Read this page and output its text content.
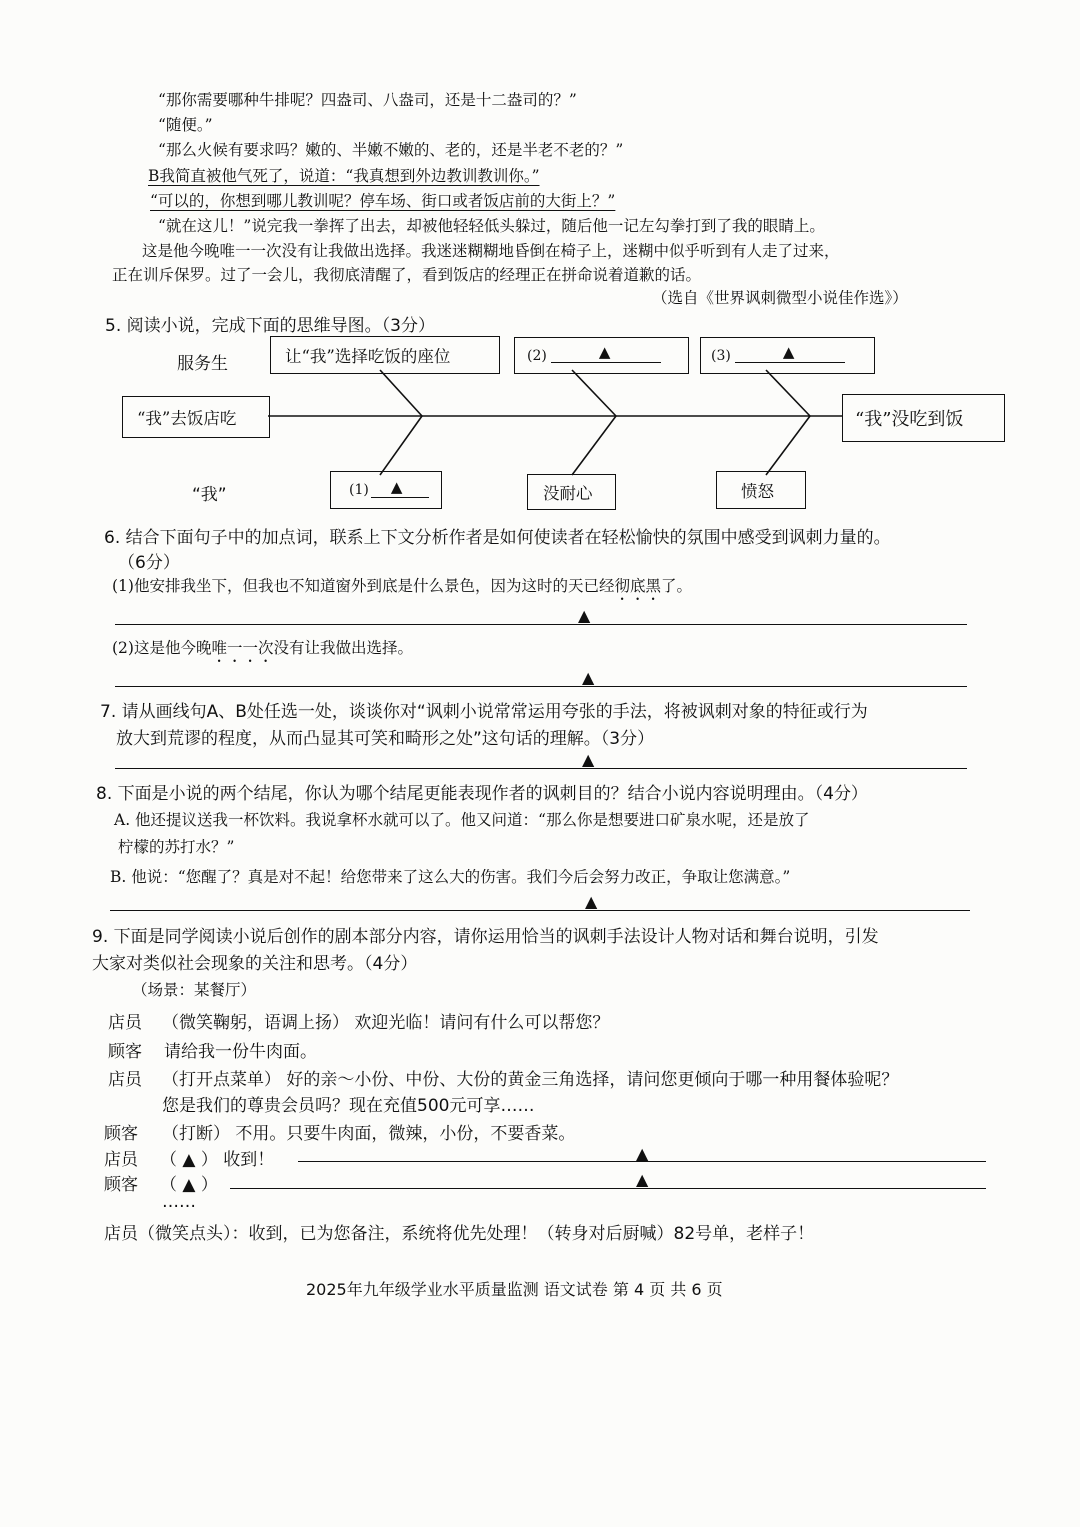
“那你需要哪种牛排呢？四盎司、八盎司，还是十二盎司的？”
“随便。”
“那么火候有要求吗？嫩的、半嫩不嫩的、老的，还是半老不老的？”
B我简直被他气死了，说道：“我真想到外边教训教训你。”
“可以的，你想到哪儿教训呢？停车场、街口或者饭店前的大街上？”
“就在这儿！”说完我一拳挥了出去，却被他轻轻低头躲过，随后他一记左勾拳打到了我的眼睛上。
这是他今晚唯一一次没有让我做出选择。我迷迷糊糊地昏倒在椅子上，迷糊中似乎听到有人走了过来，
正在训斥保罗。过了一会儿，我彻底清醒了，看到饭店的经理正在拼命说着道歉的话。
（选自《世界讽刺微型小说佳作选》）
5. 阅读小说，完成下面的思维导图。（3分）
服务生
“我”
“我”去饭店吃	“我”没吃到饭
让“我”选择吃饭的座位	(2)	▲	(3)	▲
(1) ▲	没耐心	愤怒
6. 结合下面句子中的加点词，联系上下文分析作者是如何使读者在轻松愉快的氛围中感受到讽刺力量的。
（6分）
(1)他安排我坐下，但我也不知道窗外到底是什么景色，因为这时的天已经彻底黑了。
▲
(2)这是他今晚唯一一次没有让我做出选择。
▲
7. 请从画线句A、B处任选一处，谈谈你对“讽刺小说常常运用夸张的手法，将被讽刺对象的特征或行为
放大到荒谬的程度，从而凸显其可笑和畸形之处”这句话的理解。（3分）
▲
8. 下面是小说的两个结尾，你认为哪个结尾更能表现作者的讽刺目的？结合小说内容说明理由。（4分）
A. 他还提议送我一杯饮料。我说拿杯水就可以了。他又问道：“那么你是想要进口矿泉水呢，还是放了
柠檬的苏打水？”
B. 他说：“您醒了？真是对不起！给您带来了这么大的伤害。我们今后会努力改正，争取让您满意。”
▲
9. 下面是同学阅读小说后创作的剧本部分内容，请你运用恰当的讽刺手法设计人物对话和舞台说明，引发
大家对类似社会现象的关注和思考。（4分）
（场景：某餐厅）
店员 （微笑鞠躬，语调上扬） 欢迎光临！请问有什么可以帮您？
顾客 请给我一份牛肉面。
店员 （打开点菜单） 好的亲～小份、中份、大份的黄金三角选择，请问您更倾向于哪一种用餐体验呢？
您是我们的尊贵会员吗？现在充值500元可享……
顾客 （打断） 不用。只要牛肉面，微辣，小份，不要香菜。
店员 （ ▲ ） 收到！	▲
顾客 （ ▲ ）	▲
……
店员（微笑点头）：收到，已为您备注，系统将优先处理！（转身对后厨喊）82号单，老样子！
2025年九年级学业水平质量监测 语文试卷 第 4 页 共 6 页
